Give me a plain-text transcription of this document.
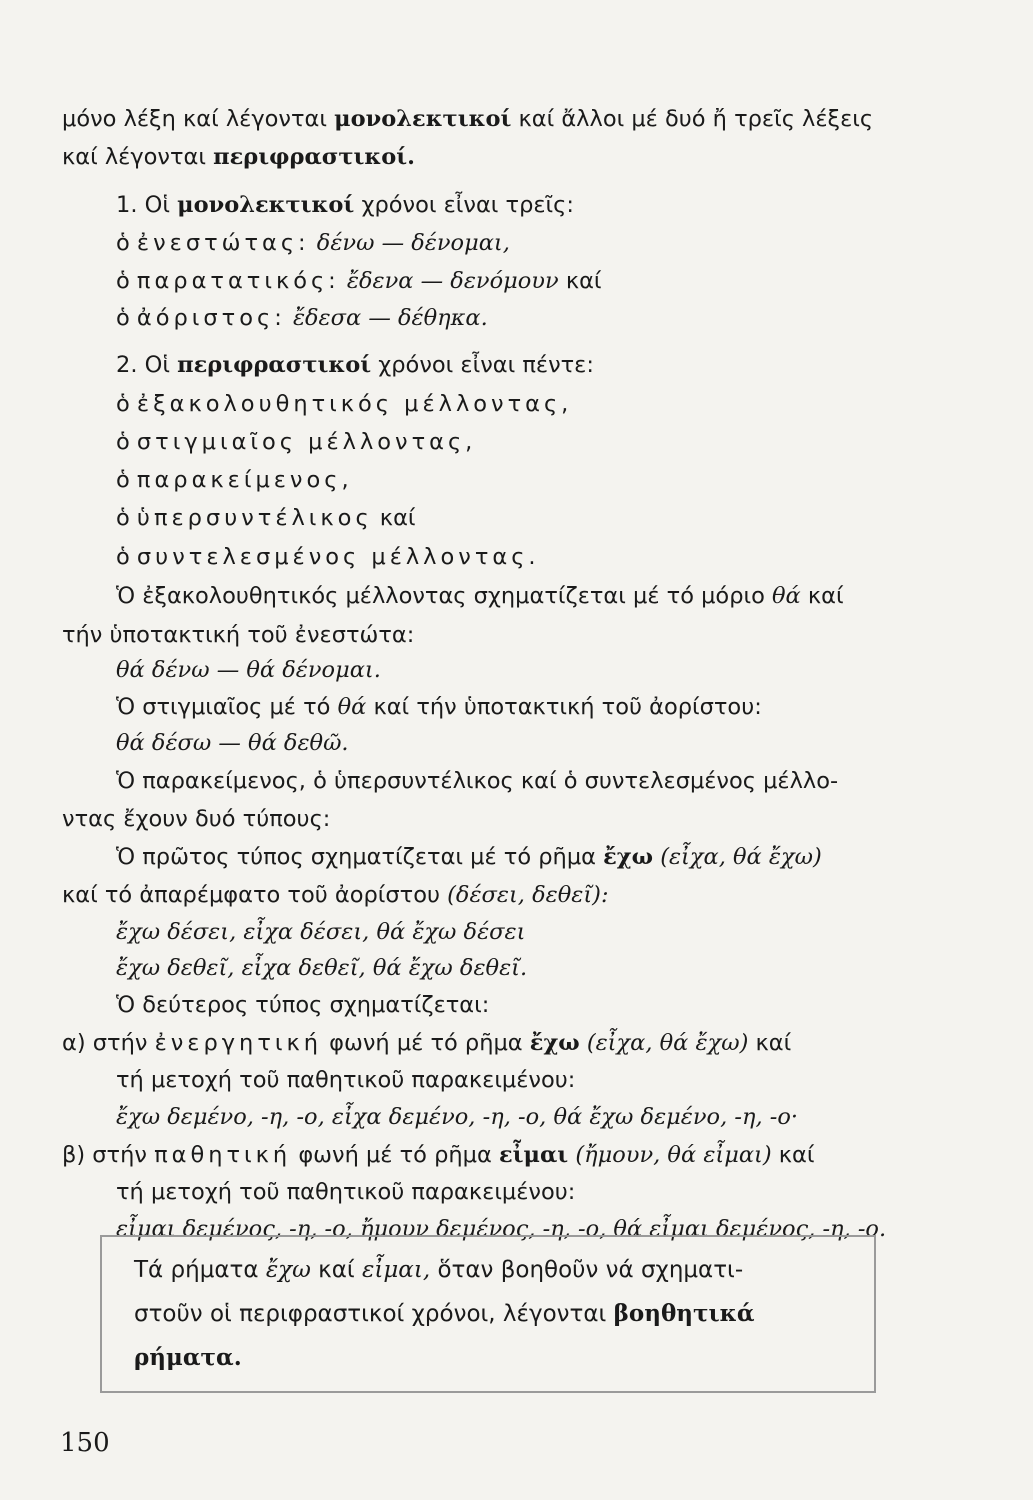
μόνο λέξη καί λέγονται μονολεκτικοί καί ἄλλοι μέ δυό ἤ τρεῖς λέξεις
καί λέγονται περιφραστικοί.
1. Οἱ μονολεκτικοί χρόνοι εἶναι τρεῖς:
ὁ ἐνεστώτας: δένω — δένομαι,
ὁ παρατατικός: ἔδενα — δενόμουν καί
ὁ ἀόριστος: ἔδεσα — δέθηκα.
2. Οἱ περιφραστικοί χρόνοι εἶναι πέντε:
ὁ ἐξακολουθητικός μέλλοντας,
ὁ στιγμιαῖος μέλλοντας,
ὁ παρακείμενος,
ὁ ὑπερσυντέλικος καί
ὁ συντελεσμένος μέλλοντας.
Ὁ ἐξακολουθητικός μέλλοντας σχηματίζεται μέ τό μόριο θά καί
τήν ὑποτακτική τοῦ ἐνεστώτα:
θά δένω — θά δένομαι.
Ὁ στιγμιαῖος μέ τό θά καί τήν ὑποτακτική τοῦ ἀορίστου:
θά δέσω — θά δεθῶ.
Ὁ παρακείμενος, ὁ ὑπερσυντέλικος καί ὁ συντελεσμένος μέλλο-
ντας ἔχουν δυό τύπους:
Ὁ πρῶτος τύπος σχηματίζεται μέ τό ρῆμα ἔχω (εἶχα, θά ἔχω)
καί τό ἀπαρέμφατο τοῦ ἀορίστου (δέσει, δεθεῖ):
ἔχω δέσει, εἶχα δέσει, θά ἔχω δέσει
ἔχω δεθεῖ, εἶχα δεθεῖ, θά ἔχω δεθεῖ.
Ὁ δεύτερος τύπος σχηματίζεται:
α) στήν ἐνεργητική φωνή μέ τό ρῆμα ἔχω (εἶχα, θά ἔχω) καί
τή μετοχή τοῦ παθητικοῦ παρακειμένου:
ἔχω δεμένο, -η, -ο, εἶχα δεμένο, -η, -ο, θά ἔχω δεμένο, -η, -ο·
β) στήν παθητική φωνή μέ τό ρῆμα εἶμαι (ἤμουν, θά εἶμαι) καί
τή μετοχή τοῦ παθητικοῦ παρακειμένου:
εἶμαι δεμένος, -η, -ο, ἤμουν δεμένος, -η, -ο, θά εἶμαι δεμένος, -η, -ο.
Τά ρήματα ἔχω καί εἶμαι, ὅταν βοηθοῦν νά σχηματι-
στοῦν οἱ περιφραστικοί χρόνοι, λέγονται βοηθητικά
ρήματα.
150
